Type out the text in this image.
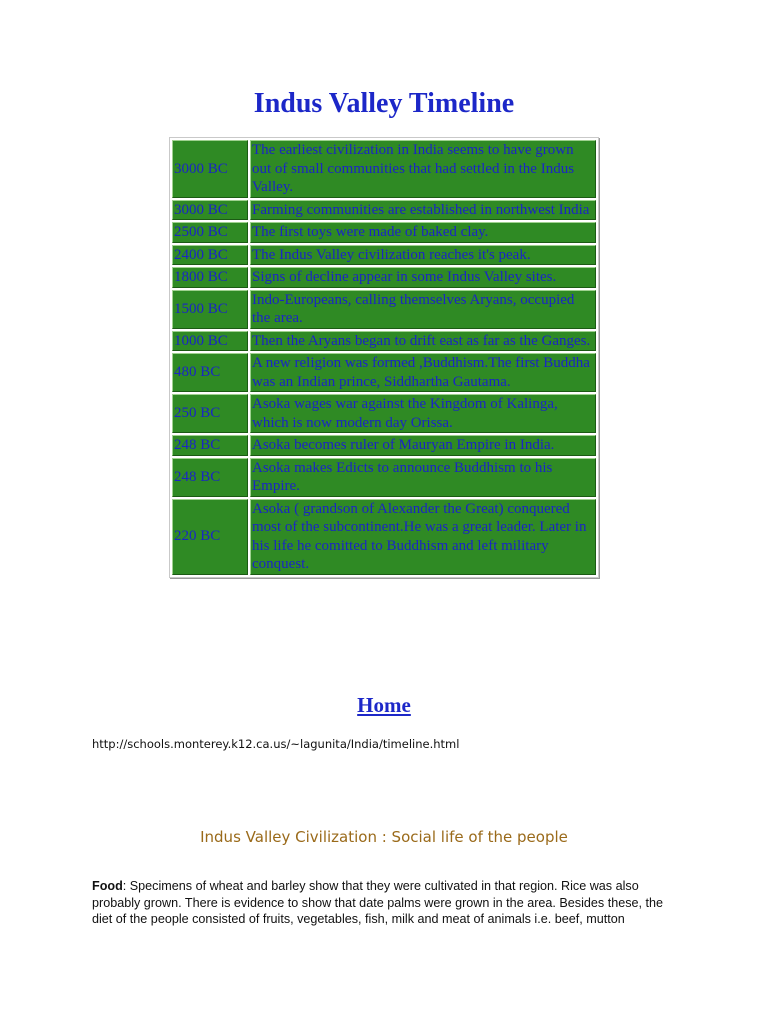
Indus Valley Timeline
3000 BC	The earliest civilization in India seems to have grown out of small communities that had settled in the Indus Valley.
3000 BC	Farming communities are established in northwest India
2500 BC	The first toys were made of baked clay.
2400 BC	The Indus Valley civilization reaches it's peak.
1800 BC	Signs of decline appear in some Indus Valley sites.
1500 BC	Indo-Europeans, calling themselves Aryans, occupied the area.
1000 BC	Then the Aryans began to drift east as far as the Ganges.
480 BC	A new religion was formed ,Buddhism.The first Buddha was an Indian prince, Siddhartha Gautama.
250 BC	Asoka wages war against the Kingdom of Kalinga, which is now modern day Orissa.
248 BC	Asoka becomes ruler of Mauryan Empire in India.
248 BC	Asoka makes Edicts to announce Buddhism to his Empire.
220 BC	Asoka ( grandson of Alexander the Great) conquered most of the subcontinent.He was a great leader. Later in his life he comitted to Buddhism and left military conquest.
Home
http://schools.monterey.k12.ca.us/~lagunita/India/timeline.html
Indus Valley Civilization : Social life of the people
Food: Specimens of wheat and barley show that they were cultivated in that region. Rice was also probably grown. There is evidence to show that date palms were grown in the area. Besides these, the diet of the people consisted of fruits, vegetables, fish, milk and meat of animals i.e. beef, mutton
